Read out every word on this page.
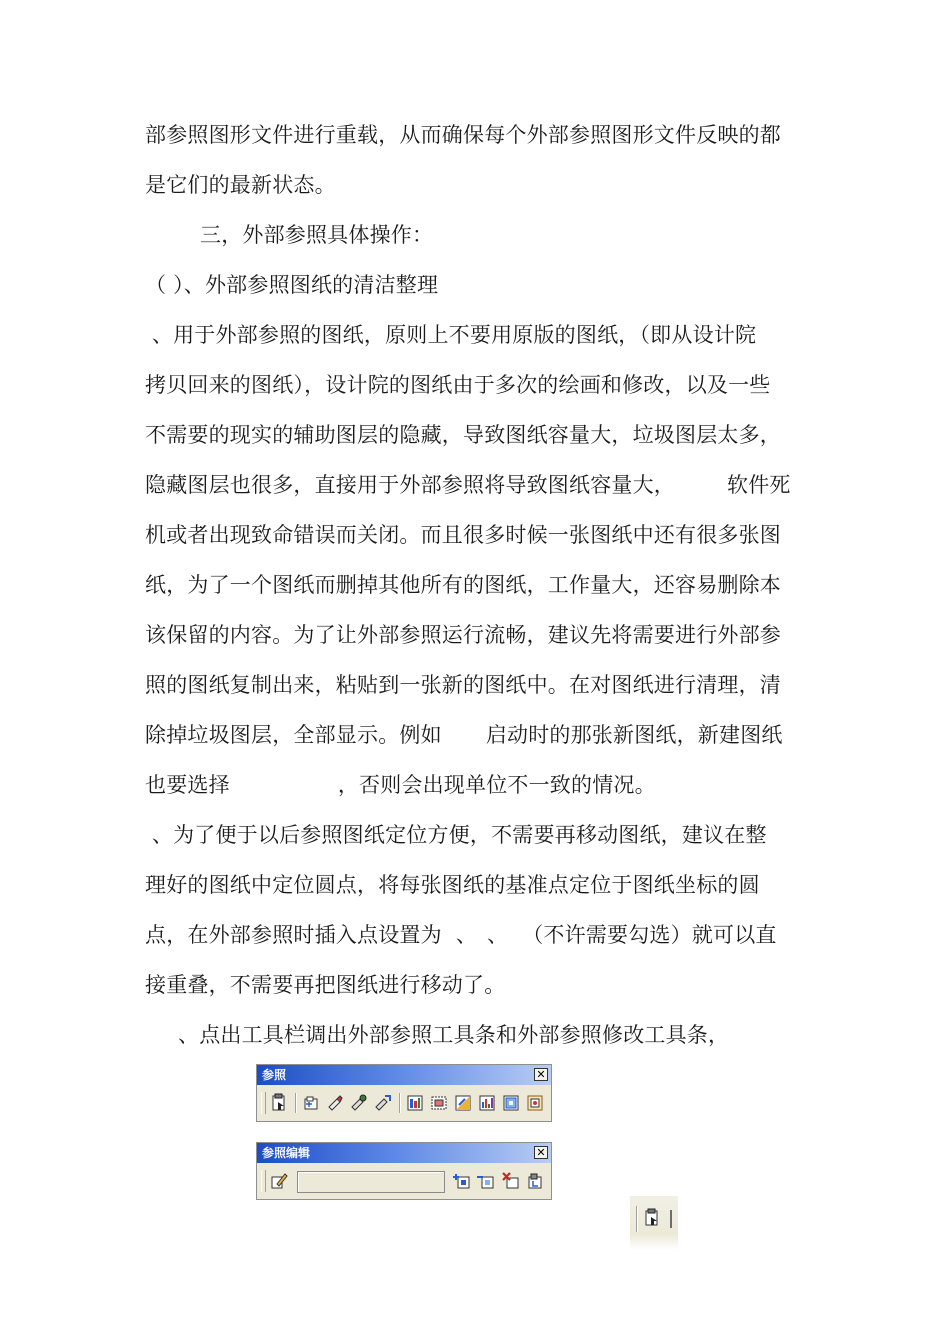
部参照图形文件进行重载，从而确保每个外部参照图形文件反映的都
是它们的最新状态。
三，外部参照具体操作：
（ ）、外部参照图纸的清洁整理
、用于外部参照的图纸，原则上不要用原版的图纸，（即从设计院
拷贝回来的图纸），设计院的图纸由于多次的绘画和修改，以及一些
不需要的现实的辅助图层的隐藏，导致图纸容量大，垃圾图层太多，
隐藏图层也很多，直接用于外部参照将导致图纸容量大， 软件死
机或者出现致命错误而关闭。而且很多时候一张图纸中还有很多张图
纸，为了一个图纸而删掉其他所有的图纸，工作量大，还容易删除本
该保留的内容。为了让外部参照运行流畅，建议先将需要进行外部参
照的图纸复制出来，粘贴到一张新的图纸中。在对图纸进行清理，清
除掉垃圾图层，全部显示。例如 启动时的那张新图纸，新建图纸
也要选择	，否则会出现单位不一致的情况。
、为了便于以后参照图纸定位方便，不需要再移动图纸，建议在整
理好的图纸中定位圆点，将每张图纸的基准点定位于图纸坐标的圆
点，在外部参照时插入点设置为 、 、 （不许需要勾选）就可以直
接重叠，不需要再把图纸进行移动了。
、点出工具栏调出外部参照工具条和外部参照修改工具条，
参照	✕
参照编辑	✕
